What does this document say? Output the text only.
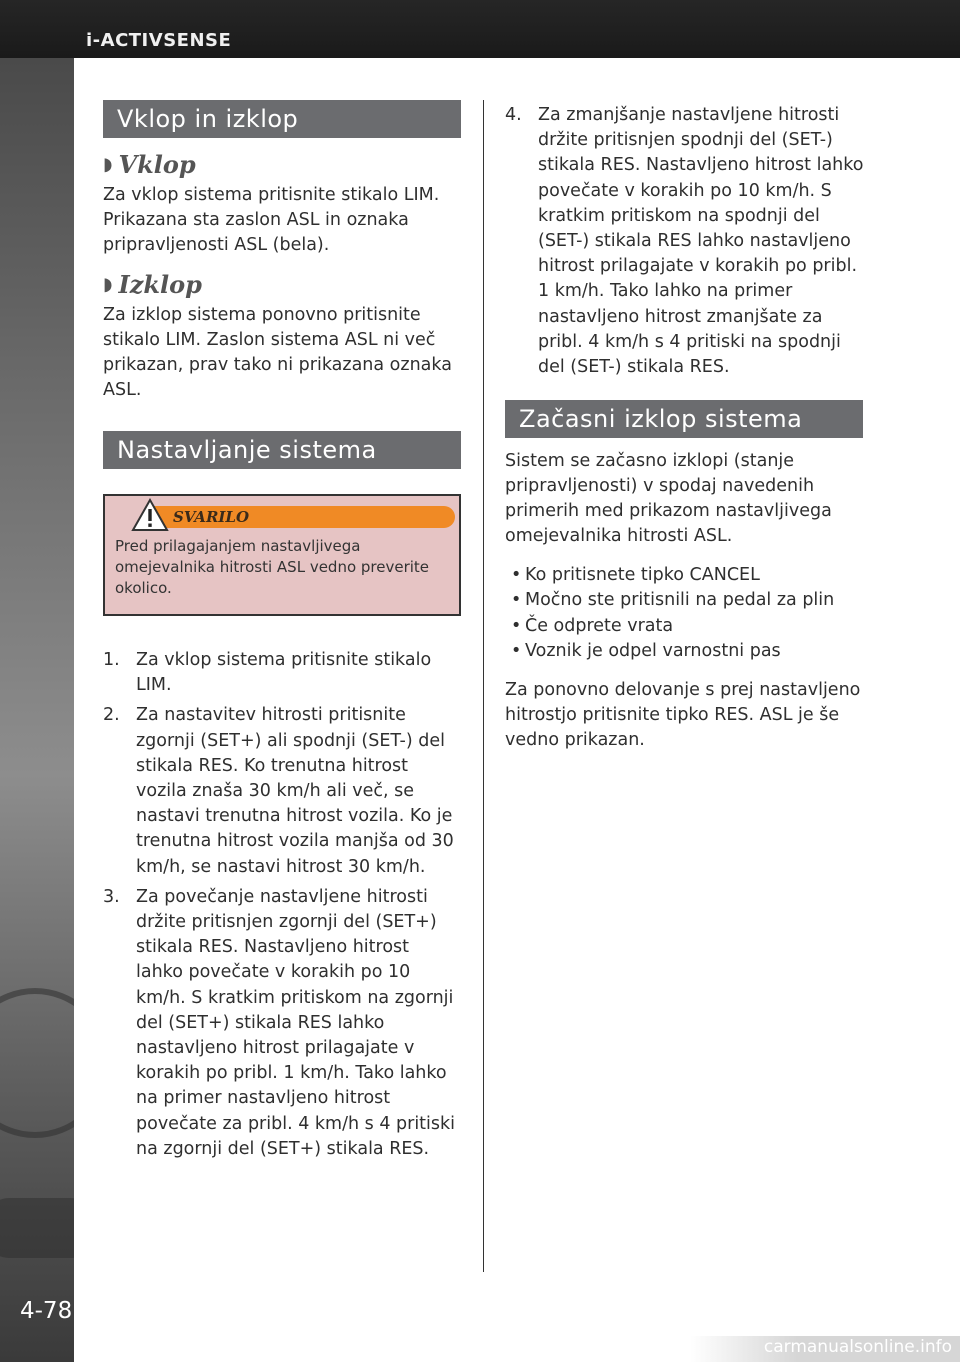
i-ACTIVSENSE
4-78
Vklop in izklop
◗ Vklop

Za vklop sistema pritisnite stikalo LIM. Prikazana sta zaslon ASL in oznaka pripravljenosti ASL (bela).

◗ Izklop

Za izklop sistema ponovno pritisnite stikalo LIM. Zaslon sistema ASL ni več prikazan, prav tako ni prikazana oznaka ASL.

Nastavljanje sistema
SVARILO

Pred prilagajanjem nastavljivega omejevalnika hitrosti ASL vedno preverite okolico.

1. Za vklop sistema pritisnite stikalo LIM.
2. Za nastavitev hitrosti pritisnite zgornji (SET+) ali spodnji (SET-) del stikala RES. Ko trenutna hitrost vozila znaša 30 km/h ali več, se nastavi trenutna hitrost vozila. Ko je trenutna hitrost vozila manjša od 30 km/h, se nastavi hitrost 30 km/h.
3. Za povečanje nastavljene hitrosti držite pritisnjen zgornji del (SET+) stikala RES. Nastavljeno hitrost lahko povečate v korakih po 10 km/h. S kratkim pritiskom na zgornji del (SET+) stikala RES lahko nastavljeno hitrost prilagajate v korakih po pribl. 1 km/h. Tako lahko na primer nastavljeno hitrost povečate za pribl. 4 km/h s 4 pritiski na zgornji del (SET+) stikala RES.
4. Za zmanjšanje nastavljene hitrosti držite pritisnjen spodnji del (SET-) stikala RES. Nastavljeno hitrost lahko povečate v korakih po 10 km/h. S kratkim pritiskom na spodnji del (SET-) stikala RES lahko nastavljeno hitrost prilagajate v korakih po pribl. 1 km/h. Tako lahko na primer nastavljeno hitrost zmanjšate za pribl. 4 km/h s 4 pritiski na spodnji del (SET-) stikala RES.
Začasni izklop sistema

Sistem se začasno izklopi (stanje pripravljenosti) v spodaj navedenih primerih med prikazom nastavljivega omejevalnika hitrosti ASL.

• Ko pritisnete tipko CANCEL
• Močno ste pritisnili na pedal za plin
• Če odprete vrata
• Voznik je odpel varnostni pas

Za ponovno delovanje s prej nastavljeno hitrostjo pritisnite tipko RES. ASL je še vedno prikazan.

carmanualsonline.info
